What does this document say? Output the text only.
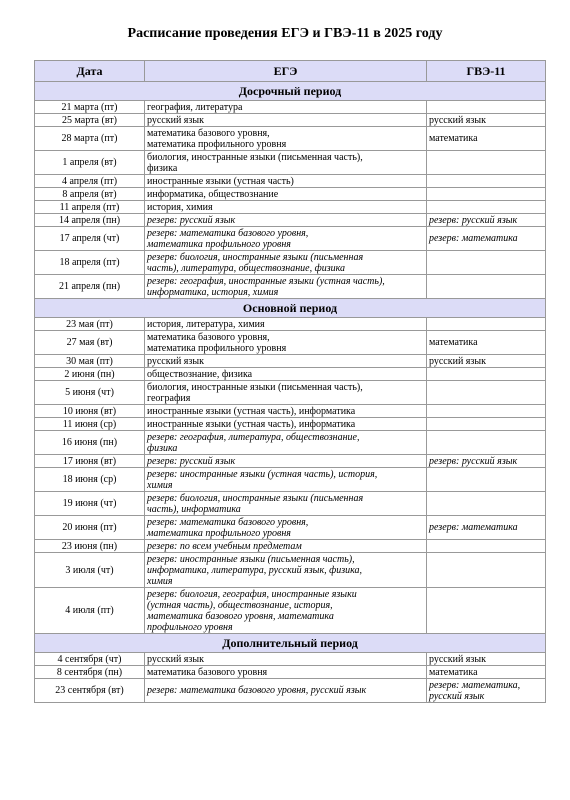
Расписание проведения ЕГЭ и ГВЭ-11 в 2025 году
Дата	ЕГЭ	ГВЭ-11
Досрочный период		
21 марта (пт)	география, литература	
25 марта (вт)	русский язык	русский язык
28 марта (пт)	математика базового уровня,
математика профильного уровня	математика
1 апреля (вт)	биология, иностранные языки (письменная часть),
физика	
4 апреля (пт)	иностранные языки (устная часть)	
8 апреля (вт)	информатика, обществознание	
11 апреля (пт)	история, химия	
14 апреля (пн)	резерв: русский язык	резерв: русский язык
17 апреля (чт)	резерв: математика базового уровня,
математика профильного уровня	резерв: математика
18 апреля (пт)	резерв: биология, иностранные языки (письменная
часть), литература, обществознание, физика	
21 апреля (пн)	резерв: география, иностранные языки (устная часть),
информатика, история, химия	
Основной период		
23 мая (пт)	история, литература, химия	
27 мая (вт)	математика базового уровня,
математика профильного уровня	математика
30 мая (пт)	русский язык	русский язык
2 июня (пн)	обществознание, физика	
5 июня (чт)	биология, иностранные языки (письменная часть),
география	
10 июня (вт)	иностранные языки (устная часть), информатика	
11 июня (ср)	иностранные языки (устная часть), информатика	
16 июня (пн)	резерв: география, литература, обществознание,
физика	
17 июня (вт)	резерв: русский язык	резерв: русский язык
18 июня (ср)	резерв: иностранные языки (устная часть), история,
химия	
19 июня (чт)	резерв: биология, иностранные языки (письменная
часть), информатика	
20 июня (пт)	резерв: математика базового уровня,
математика профильного уровня	резерв: математика
23 июня (пн)	резерв: по всем учебным предметам	
3 июля (чт)	резерв: иностранные языки (письменная часть),
информатика, литература, русский язык, физика,
химия	
4 июля (пт)	резерв: биология, география, иностранные языки
(устная часть), обществознание, история,
математика базового уровня, математика
профильного уровня	
Дополнительный период		
4 сентября (чт)	русский язык	русский язык
8 сентября (пн)	математика базового уровня	математика
23 сентября (вт)	резерв: математика базового уровня, русский язык	резерв: математика,
русский язык
